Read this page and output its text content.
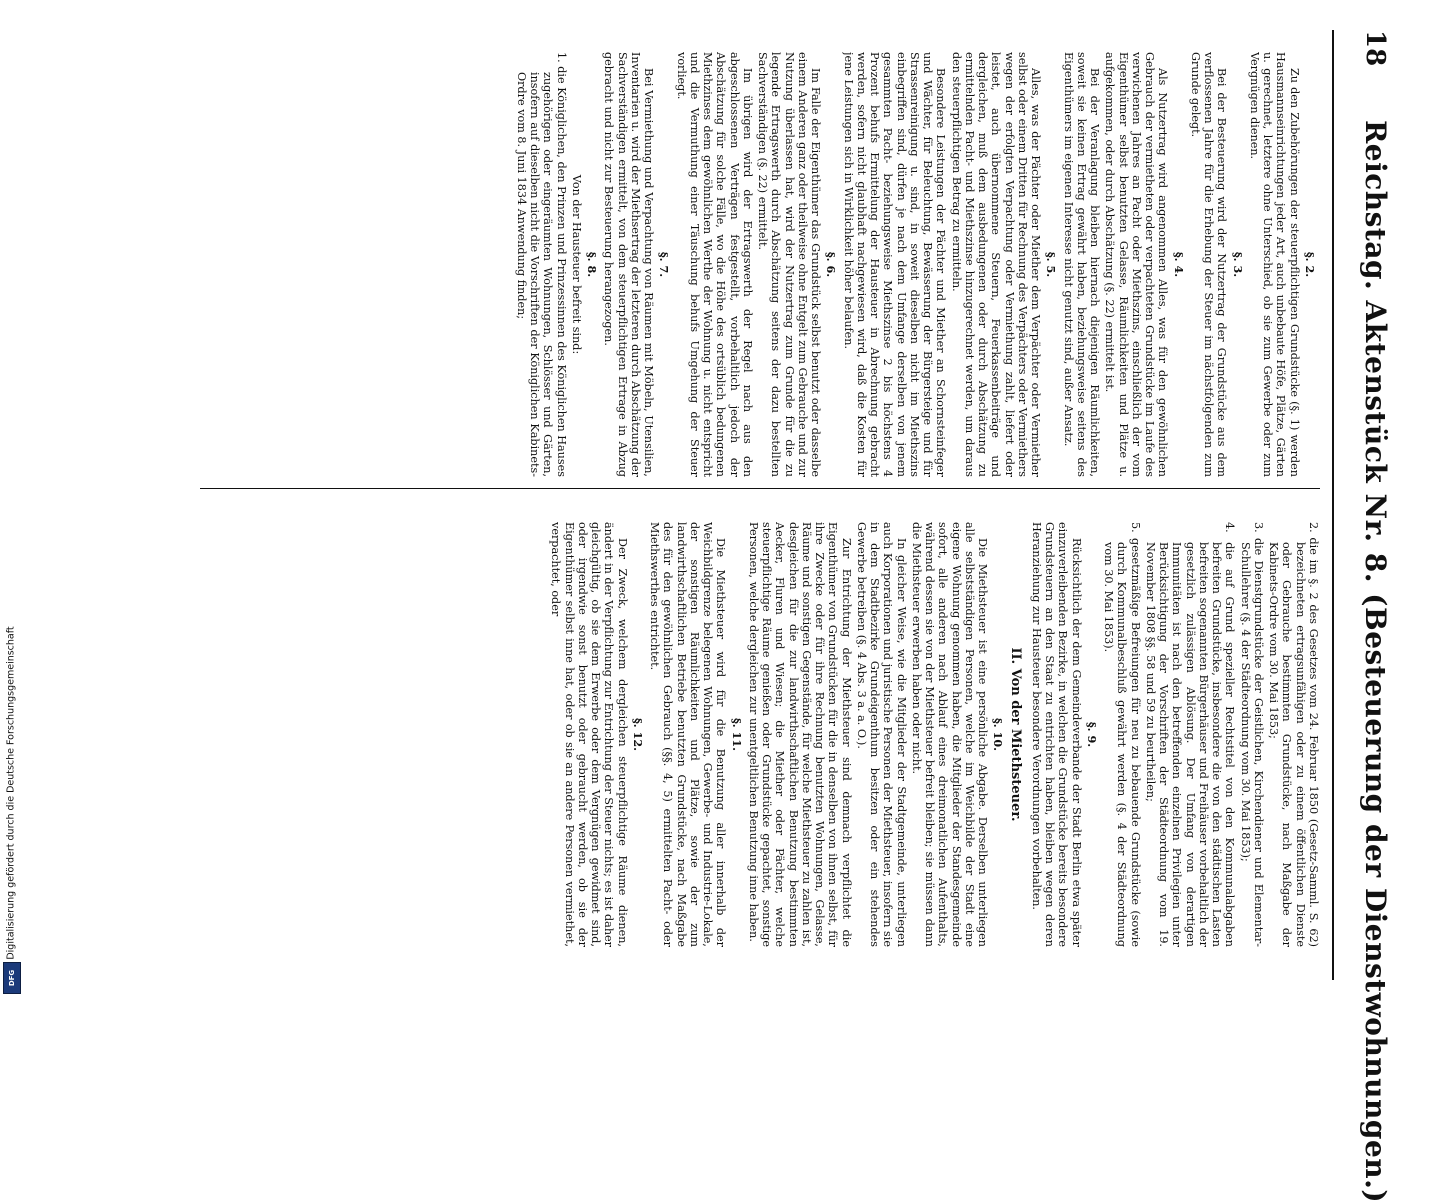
18
Reichstag. Aktenstück Nr. 8. (Besteuerung der Dienstwohnungen.)

§. 2.

Zu den Zubehörungen der steuerpflichtigen Grundstücke (§. 1) werden Hausmannseinrichtungen jeder Art, auch unbebaute Höfe, Plätze, Gärten u. gerechnet, letztere ohne Unterschied, ob sie zum Gewerbe oder zum Vergnügen dienen.

§. 3.

Bei der Besteuerung wird der Nutzertrag der Grundstücke aus dem verflossenen Jahre für die Erhebung der Steuer im nächstfolgenden zum Grunde gelegt.

§. 4.

Als Nutzertrag wird angenommen Alles, was für den gewöhnlichen Gebrauch der vermietheten oder verpachteten Grundstücke im Laufe des verwichenen Jahres an Pacht oder Miethszins, einschließlich der vom Eigenthümer selbst benutzten Gelasse, Räumlichkeiten und Plätze u. aufgekommen, oder durch Abschätzung (§. 22) ermittelt ist.

Bei der Veranlagung bleiben hiernach diejenigen Räumlichkeiten, soweit sie keinen Ertrag gewährt haben, beziehungsweise seitens des Eigenthümers im eigenen Interesse nicht genutzt sind, außer Ansatz.

§. 5.

Alles, was der Pächter oder Miether dem Verpächter oder Vermiether selbst oder einem Dritten für Rechnung des Verpächters oder Vermiethers wegen der erfolgten Verpachtung oder Vermiethung zahlt, liefert oder leistet, auch übernommene Steuern, Feuerkassenbeiträge und dergleichen, muß dem ausbedungenen oder durch Abschätzung zu ermittelnden Pacht- und Miethszinse hinzugerechnet werden, um daraus den steuerpflichtigen Betrag zu ermitteln.

Besondere Leistungen der Pächter und Miether an Schornsteinfeger und Wächter, für Beleuchtung, Bewässerung der Bürgersteige und für Strassenreinigung u. sind, in soweit dieselben nicht im Miethszins einbegriffen sind, dürfen je nach dem Umfange derselben von jenem gesammten Pacht- beziehungsweise Miethszinse 2 bis höchstens 4 Prozent behufs Ermittelung der Hausteuer in Abrechnung gebracht werden, sofern nicht glaubhaft nachgewiesen wird, daß die Kosten für jene Leistungen sich in Wirklichkeit höher belaufen.

§. 6.

Im Falle der Eigenthümer das Grundstück selbst benutzt oder dasselbe einem Anderen ganz oder theilweise ohne Entgelt zum Gebrauche und zur Nutzung überlassen hat, wird der Nutzertrag zum Grunde für die zu legende Ertragswerth durch Abschätzung seitens der dazu bestellten Sachverständigen (§. 22) ermittelt.

Im übrigen wird der Ertragswerth der Regel nach aus den abgeschlossenen Verträgen festgestellt, vorbehaltlich jedoch der Abschätzung für solche Fälle, wo die Höhe des ortsüblich bedungenen Miethzinses dem gewöhnlichen Werthe der Wohnung u. nicht entspricht und die Vermuthung einer Täuschung behufs Umgehung der Steuer vorliegt.

§. 7.

Bei Vermiethung und Verpachtung von Räumen mit Möbeln, Utensilien, Inventarien u. wird der Miethsertrag der letzteren durch Abschätzung der Sachverständigen ermittelt, von dem steuerpflichtigen Ertrage in Abzug gebracht und nicht zur Besteuerung herangezogen.

§. 8.

Von der Hausteuer befreit sind:

1. die Königlichen, den Prinzen und Prinzessinnen des Königlichen Hauses zugehörigen oder eingeräumten Wohnungen, Schlösser und Gärten, insofern auf dieselben nicht die Vorschriften der Königlichen Kabinets-Ordre vom 8. Juni 1834 Anwendung finden;

2. die im §. 2 des Gesetzes vom 24. Februar 1850 (Gesetz-Samml. S. 62) bezeichneten ertragsunfähigen oder zu einem öffentlichen Dienste oder Gebrauche bestimmten Grundstücke, nach Maßgabe der Kabinets-Ordre vom 30. Mai 1853;

3. die Dienstgrundstücke der Geistlichen, Kirchendiener und Elementar-Schullehrer (§. 4 der Städteordnung vom 30. Mai 1853);

4. die auf Grund spezieller Rechtstitel von den Kommunalabgaben befreiten Grundstücke, insbesondere die von den städtischen Lasten befreiten sogenannten Bürgerhäuser und Freihäuser vorbehaltlich der gesetzlich zulässigen Ablösung. Der Umfang von derartigen Immunitäten ist nach den betreffenden einzelnen Privilegien unter Berücksichtigung der Vorschriften der Städteordnung vom 19. November 1808 §§. 58 und 59 zu beurtheilen;

5. gesetzmäßige Befreiungen für neu zu bebauende Grundstücke (sowie durch Kommunalbeschluß gewährt werden (§. 4 der Städteordnung vom 30. Mai 1853).

§. 9.

Rücksichtlich der dem Gemeindeverbande der Stadt Berlin etwa später einzuverleibenden Bezirke, in welchen die Grundstücke bereits besondere Grundsteuern an den Staat zu entrichten haben, bleiben wegen deren Heranziehung zur Hausteuer besondere Verordnungen vorbehalten.

II. Von der Miethsteuer.

§. 10.

Die Miethsteuer ist eine persönliche Abgabe. Derselben unterliegen alle selbstständigen Personen, welche im Weichbilde der Stadt eine eigene Wohnung genommen haben, die Mitglieder der Standesgemeinde sofort, alle anderen nach Ablauf eines dreimonatlichen Aufenthalts, während dessen sie von der Miethsteuer befreit bleiben; sie müssen dann die Miethsteuer erwerben haben oder nicht.

In gleicher Weise, wie die Mitglieder der Stadtgemeinde, unterliegen auch Korporationen und juristische Personen der Miethsteuer, insofern sie in dem Stadtbezirke Grundeigenthum besitzen oder ein stehendes Gewerbe betreiben (§. 4 Abs. 3 a. a. O.).

Zur Entrichtung der Miethsteuer sind demnach verpflichtet die Eigenthümer von Grundstücken für die in denselben von ihnen selbst, für ihre Zwecke oder für ihre Rechnung benutzten Wohnungen, Gelasse, Räume und sonstigen Gegenstände, für welche Miethsteuer zu zahlen ist, desgleichen für die zur landwirthschaftlichen Benutzung bestimmten Aecker, Fluren und Wiesen; die Miether oder Pächter, welche steuerpflichtige Räume genießen oder Grundstücke gepachtet, sonstige Personen, welche dergleichen zur unentgeltlichen Benutzung inne haben.

§. 11.

Die Miethsteuer wird für die Benutzung aller innerhalb der Weichbildgrenze belegenen Wohnungen, Gewerbe- und Industrie-Lokale, der sonstigen Räumlichkeiten und Plätze, sowie der zum landwirthschaftlichen Betriebe benutzten Grundstücke, nach Maßgabe des für den gewöhnlichen Gebrauch (§§. 4, 5) ermittelten Pacht- oder Miethswerthes entrichtet.

§. 12.

Der Zweck, welchem dergleichen steuerpflichtige Räume dienen, ändert in der Verpflichtung zur Entrichtung der Steuer nichts; es ist daher gleichgültig, ob sie dem Erwerbe oder dem Vergnügen gewidmet sind, oder irgendwie sonst benutzt oder gebraucht werden, ob sie der Eigenthümer selbst inne hat, oder ob sie an andere Personen vermiethet, verpachtet, oder

Digitalisierung gefördert durch die Deutsche Forschungsgemeinschaft
DFG
